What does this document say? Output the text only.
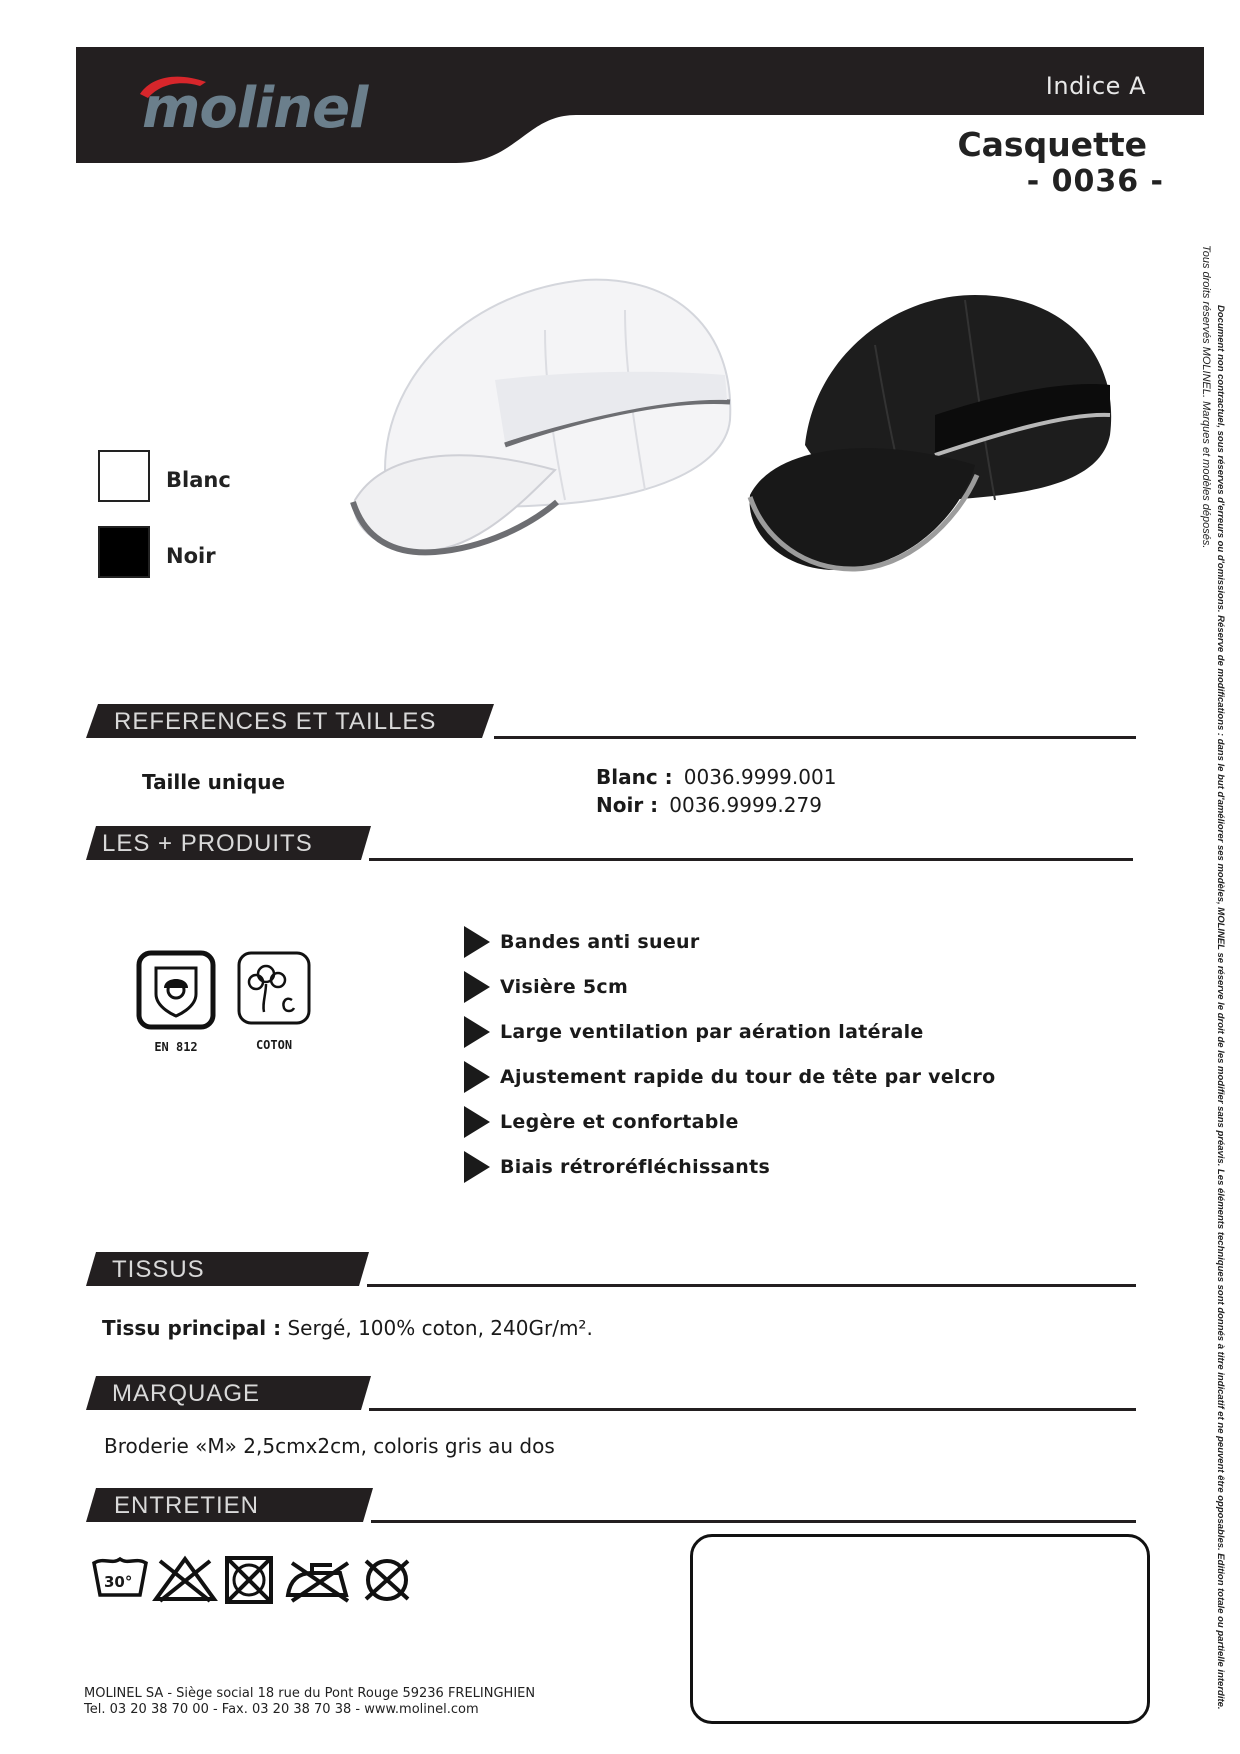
molinel	Indice A
Casquette
- 0036 -
Blanc
Noir
REFERENCES ET TAILLES
Taille unique	Blanc : 0036.9999.001
Noir : 0036.9999.279
LES + PRODUITS
EN 812	COTON
Bandes anti sueur
Visière 5cm
Large ventilation par aération latérale
Ajustement rapide du tour de tête par velcro
Legère et confortable
Biais rétroréfléchissants
TISSUS
Tissu principal : Sergé, 100% coton, 240Gr/m².
MARQUAGE
Broderie «M» 2,5cmx2cm, coloris gris au dos
ENTRETIEN
30°
MOLINEL SA - Siège social 18 rue du Pont Rouge 59236 FRELINGHIEN
Tel. 03 20 38 70 00 - Fax. 03 20 38 70 38 - www.molinel.com
Tous droits réservés MOLINEL. Marques et modèles déposés. Document non contractuel, sous réserves d'erreurs ou d'omissions. Réserve de modifications : dans le but d'améliorer ses modèles, MOLINEL se réserve le droit de les modifier sans préavis. Les éléments techniques sont donnés à titre indicatif et ne peuvent être opposables. Edition totale ou partielle interdite.
